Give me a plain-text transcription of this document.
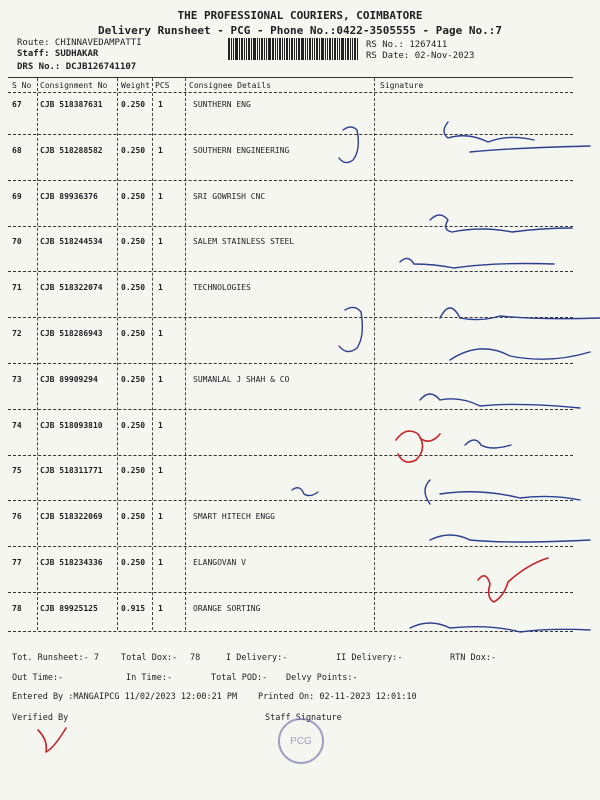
THE PROFESSIONAL COURIERS, COIMBATORE
Delivery Runsheet - PCG - Phone No.:0422-3505555 - Page No.:7
Route: CHINNAVEDAMPATTI
Staff: SUDHAKAR
DRS No.: DCJB126741107
RS No.: 1267411
RS Date: 02-Nov-2023
S No Consignment No Weight PCS Consignee Details	Signature
67 CJB 518387631 0.250 1	SUNTHERN ENG
68 CJB 518288582 0.250 1	SOUTHERN ENGINEERING
69 CJB 89936376	0.250 1	SRI GOWRISH CNC
70 CJB 518244534 0.250 1	SALEM STAINLESS STEEL
71 CJB 518322074 0.250 1	TECHNOLOGIES
72 CJB 518286943 0.250 1
73 CJB 89909294	0.250 1	SUMANLAL J SHAH & CO
74 CJB 518093810 0.250 1
75 CJB 518311771 0.250 1
76 CJB 518322069 0.250 1	SMART HITECH ENGG
77 CJB 518234336 0.250 1	ELANGOVAN V
78 CJB 89925125	0.915 1	ORANGE SORTING
Tot. Runsheet:- 7	Total Dox:- 78	I Delivery:-	II Delivery:-	RTN Dox:-
Out Time:-	In Time:-	Total POD:- Delvy Points:-
Entered By :MANGAIPCG 11/02/2023 12:00:21 PM Printed On: 02-11-2023 12:01:10
Verified By	Staff Signature
PCG
